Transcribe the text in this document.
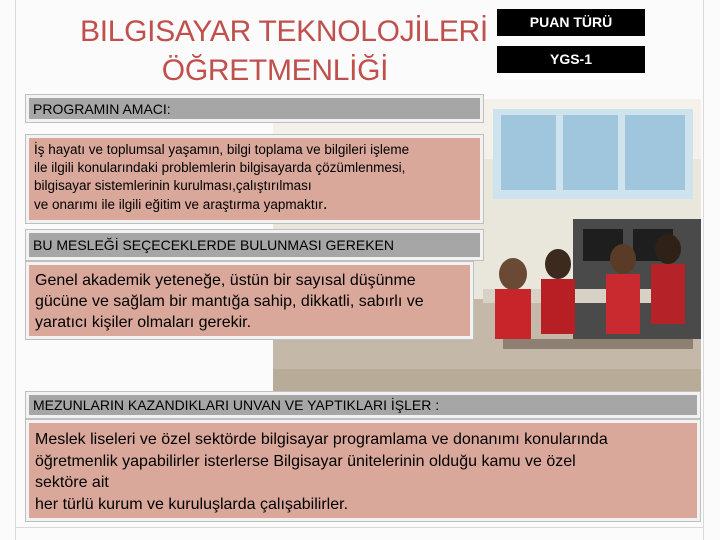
BILGISAYAR TEKNOLOJİLERİ
ÖĞRETMENLİĞİ
PUAN TÜRÜ
YGS-1
PROGRAMIN AMACI:
İş hayatı ve toplumsal yaşamın, bilgi toplama ve bilgileri işleme
ile ilgili konularındaki problemlerin bilgisayarda çözümlenmesi,
bilgisayar sistemlerinin kurulması,çalıştırılması
ve onarımı ile ilgili eğitim ve araştırma yapmaktır.
BU MESLEĞİ SEÇECEKLERDE BULUNMASI GEREKEN
Genel akademik yeteneğe, üstün bir sayısal düşünme gücüne ve sağlam bir mantığa sahip, dikkatli, sabırlı ve yaratıcı kişiler olmaları gerekir.
MEZUNLARIN KAZANDIKLARI UNVAN VE YAPTIKLARI İŞLER :
Meslek liseleri ve özel sektörde bilgisayar programlama ve donanımı konularında
öğretmenlik yapabilirler isterlerse Bilgisayar ünitelerinin olduğu kamu ve özel
sektöre ait
her türlü kurum ve kuruluşlarda çalışabilirler.
